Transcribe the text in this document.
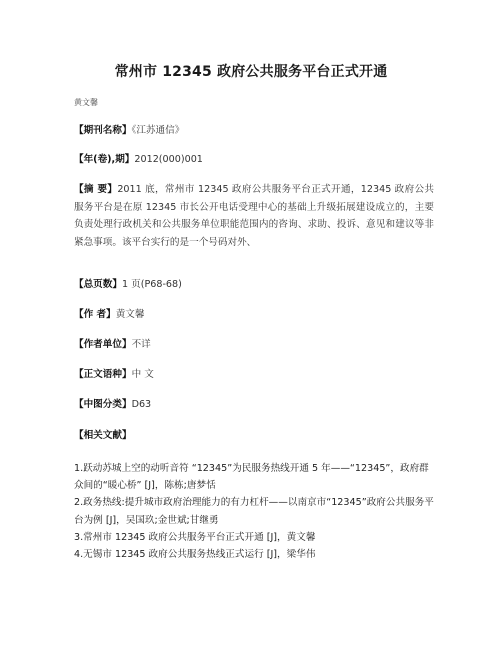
常州市 12345 政府公共服务平台正式开通
黄文馨
【期刊名称】《江苏通信》
【年(卷),期】2012(000)001
【摘 要】2011 底，常州市 12345 政府公共服务平台正式开通，12345 政府公共服务平台是在原 12345 市长公开电话受理中心的基础上升级拓展建设成立的，主要负责处理行政机关和公共服务单位职能范围内的咨询、求助、投诉、意见和建议等非紧急事项。该平台实行的是一个号码对外、
【总页数】1 页(P68-68)
【作 者】黄文馨
【作者单位】不详
【正文语种】中 文
【中图分类】D63
【相关文献】

1.跃动苏城上空的动听音符 “12345”为民服务热线开通 5 年——“12345”，政府群众间的“暖心桥” [J]，陈栋;唐梦恬

2.政务热线:提升城市政府治理能力的有力杠杆——以南京市“12345”政府公共服务平台为例 [J]，吴国玖;金世斌;甘继勇

3.常州市 12345 政府公共服务平台正式开通 [J]，黄文馨

4.无锡市 12345 政府公共服务热线正式运行 [J]，梁华伟
